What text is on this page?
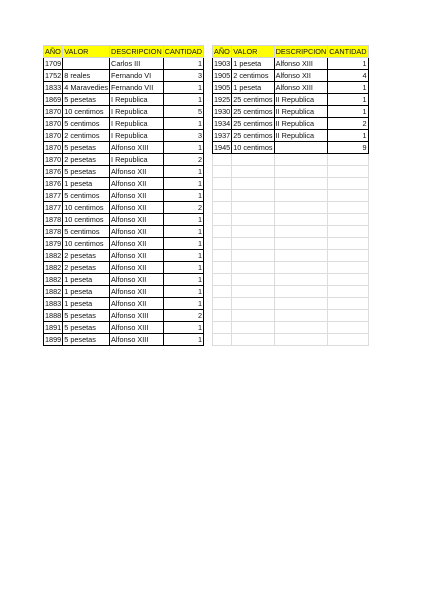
AÑO	VALOR	DESCRIPCION	CANTIDAD
1709		Carlos III	1
1752	8 reales	Fernando VI	3
1833	4 Maravedies	Fernando VII	1
1869	5 pesetas	I Republica	1
1870	10 centimos	I Republica	5
1870	5 centimos	I Republica	1
1870	2 centimos	I Republica	3
1870	5 pesetas	Alfonso XIII	1
1870	2 pesetas	I Republica	2
1876	5 pesetas	Alfonso XII	1
1876	1 peseta	Alfonso XII	1
1877	5 centimos	Alfonso XII	1
1877	10 centimos	Alfonso XII	2
1878	10 centimos	Alfonso XII	1
1878	5 centimos	Alfonso XII	1
1879	10 centimos	Alfonso XII	1
1882	2 pesetas	Alfonso XII	1
1882	2 pesetas	Alfonso XII	1
1882	1 peseta	Alfonso XII	1
1882	1 peseta	Alfonso XII	1
1883	1 peseta	Alfonso XII	1
1888	5 pesetas	Alfonso XIII	2
1891	5 pesetas	Alfonso XIII	1
1899	5 pesetas	Alfonso XIII	1
AÑO	VALOR	DESCRIPCION	CANTIDAD
1903	1 peseta	Alfonso XIII	1
1905	2 centimos	Alfonso XII	4
1905	1 peseta	Alfonso XIII	1
1925	25 centimos	II Republica	1
1930	25 centimos	II Republica	1
1934	25 centimos	II Republica	2
1937	25 centimos	II Republica	1
1945	10 centimos		9
